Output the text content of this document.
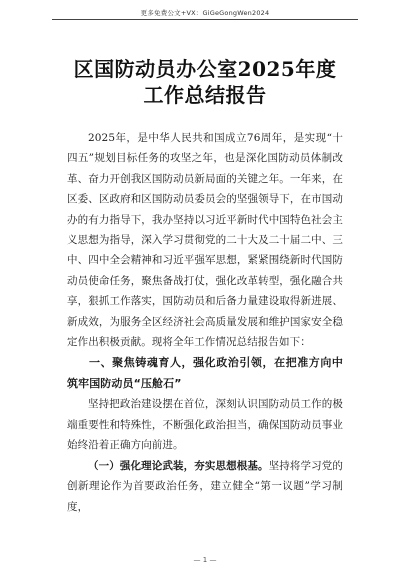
更多免费公文+VX：GiGeGongWen2024
区国防动员办公室2025年度工作总结报告

2025年，是中华人民共和国成立76周年，是实现“十四五”规划目标任务的攻坚之年，也是深化国防动员体制改革、奋力开创我区国防动员新局面的关键之年。一年来，在区委、区政府和区国防动员委员会的坚强领导下，在市国动办的有力指导下，我办坚持以习近平新时代中国特色社会主义思想为指导，深入学习贯彻党的二十大及二十届二中、三中、四中全会精神和习近平强军思想，紧紧围绕新时代国防动员使命任务，聚焦备战打仗，强化改革转型，强化融合共享，狠抓工作落实，国防动员和后备力量建设取得新进展、新成效，为服务全区经济社会高质量发展和维护国家安全稳定作出积极贡献。现将全年工作情况总结报告如下：

一、聚焦铸魂育人，强化政治引领，在把准方向中筑牢国防动员“压舱石”

坚持把政治建设摆在首位，深刻认识国防动员工作的极端重要性和特殊性，不断强化政治担当，确保国防动员事业始终沿着正确方向前进。

（一）强化理论武装，夯实思想根基。坚持将学习党的创新理论作为首要政治任务，建立健全“第一议题”学习制度，

— 1 —
